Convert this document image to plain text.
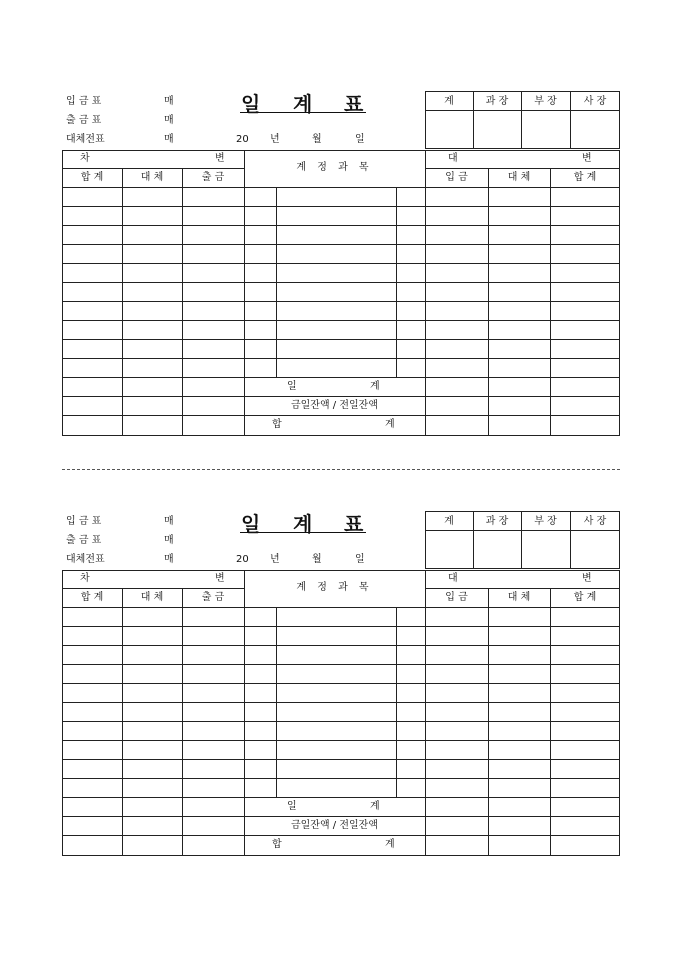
입 금 표
출 금 표
대체전표
매
매
매
일 계 표
20 년	월	일
계	과 장	부 장	사 장
차	변
합 계	대 체	출 금
계 정 과 목
대	변
입 금	대 체	합 계
일	계
금일잔액 / 전일잔액
합	계
입 금 표
출 금 표
대체전표
매
매
매
일 계 표
20 년	월	일
계	과 장	부 장	사 장
차	변
합 계	대 체	출 금
계 정 과 목
대	변
입 금	대 체	합 계
일	계
금일잔액 / 전일잔액
합	계
